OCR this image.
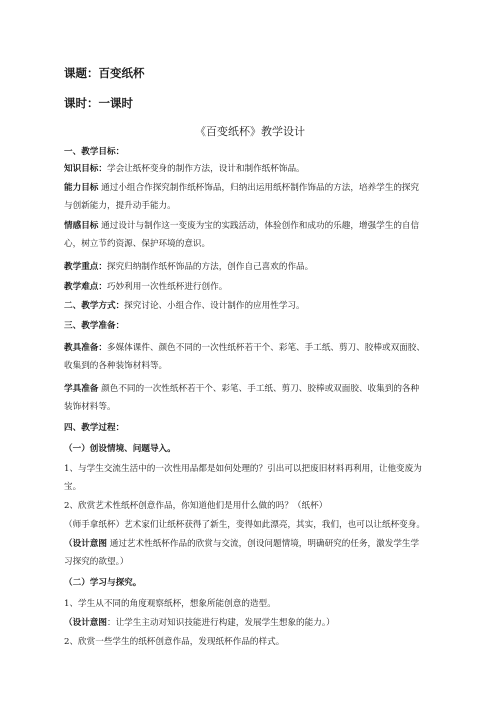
课题：百变纸杯
课时：一课时
《百变纸杯》教学设计
一、教学目标：
知识目标：学会让纸杯变身的制作方法，设计和制作纸杯饰品。
能力目标 通过小组合作探究制作纸杯饰品，归纳出运用纸杯制作饰品的方法，培养学生的探究
与创新能力，提升动手能力。
情感目标 通过设计与制作这一变废为宝的实践活动，体验创作和成功的乐趣，增强学生的自信
心，树立节约资源、保护环境的意识。
教学重点：探究归纳制作纸杯饰品的方法，创作自己喜欢的作品。
教学难点：巧妙利用一次性纸杯进行创作。
二、教学方式：探究讨论、小组合作、设计制作的应用性学习。
三、教学准备：
教具准备：多媒体课件、颜色不同的一次性纸杯若干个、彩笔、手工纸、剪刀、胶棒或双面胶、
收集到的各种装饰材料等。
学具准备 颜色不同的一次性纸杯若干个、彩笔、手工纸、剪刀、胶棒或双面胶、收集到的各种
装饰材料等。
四、教学过程：
（一）创设情境、问题导入。
1、与学生交流生活中的一次性用品都是如何处理的？引出可以把废旧材料再利用，让他变废为
宝。
2、欣赏艺术性纸杯创意作品，你知道他们是用什么做的吗？（纸杯）
（师手拿纸杯）艺术家们让纸杯获得了新生，变得如此漂亮，其实，我们，也可以让纸杯变身。
（设计意图 通过艺术性纸杯作品的欣赏与交流，创设问题情境，明确研究的任务，激发学生学
习探究的欲望。）
（二）学习与探究。
1、学生从不同的角度观察纸杯，想象所能创意的造型。
（设计意图：让学生主动对知识技能进行构建，发展学生想象的能力。）
2、欣赏一些学生的纸杯创意作品，发现纸杯作品的样式。
